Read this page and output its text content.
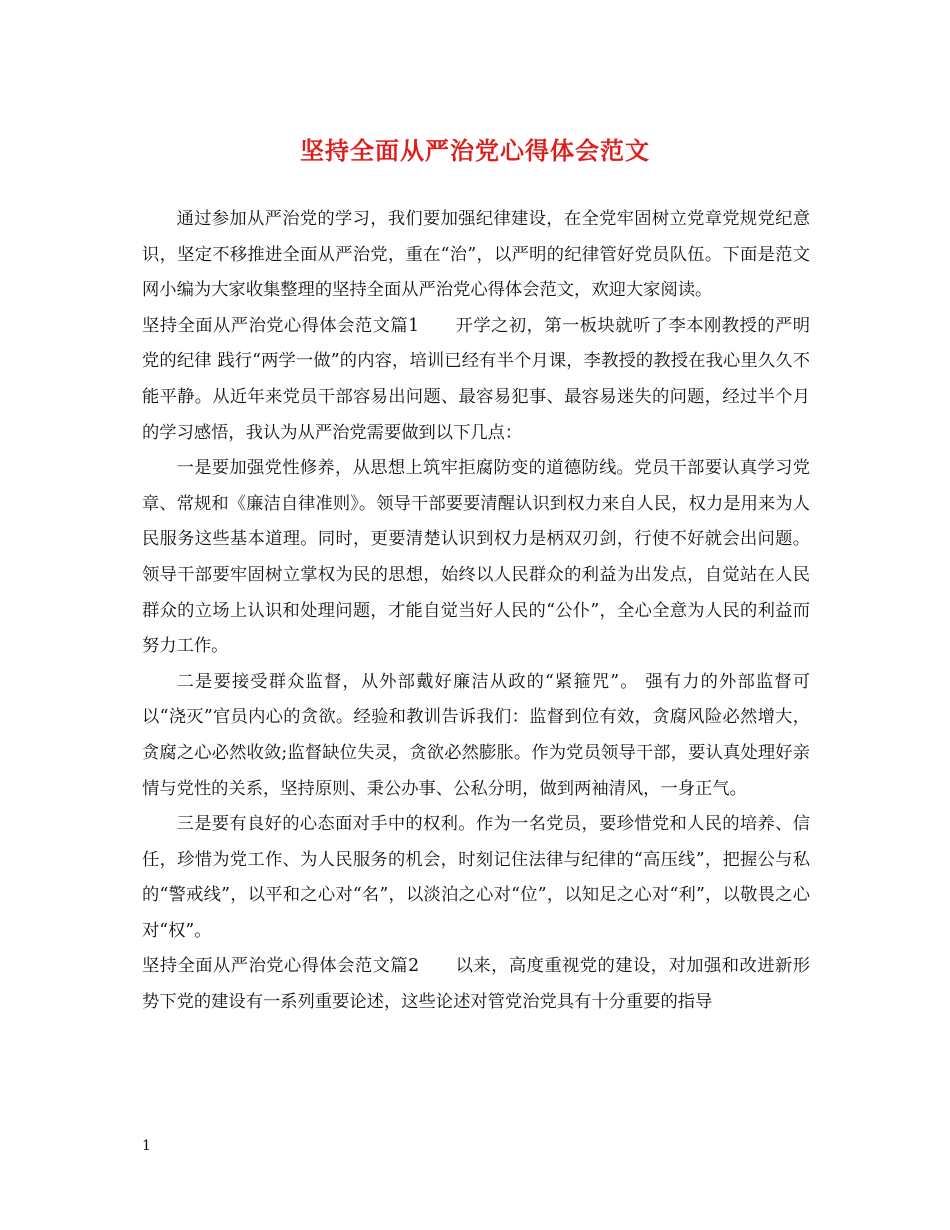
坚持全面从严治党心得体会范文

通过参加从严治党的学习，我们要加强纪律建设，在全党牢固树立党章党规党纪意识，坚定不移推进全面从严治党，重在“治”，以严明的纪律管好党员队伍。下面是范文网小编为大家收集整理的坚持全面从严治党心得体会范文，欢迎大家阅读。

坚持全面从严治党心得体会范文篇1 开学之初，第一板块就听了李本刚教授的严明党的纪律 践行“两学一做”的内容，培训已经有半个月课，李教授的教授在我心里久久不能平静。从近年来党员干部容易出问题、最容易犯事、最容易迷失的问题，经过半个月的学习感悟，我认为从严治党需要做到以下几点：

一是要加强党性修养，从思想上筑牢拒腐防变的道德防线。党员干部要认真学习党章、常规和《廉洁自律准则》。领导干部要要清醒认识到权力来自人民，权力是用来为人民服务这些基本道理。同时，更要清楚认识到权力是柄双刃剑，行使不好就会出问题。领导干部要牢固树立掌权为民的思想，始终以人民群众的利益为出发点，自觉站在人民群众的立场上认识和处理问题，才能自觉当好人民的“公仆”，全心全意为人民的利益而努力工作。

二是要接受群众监督，从外部戴好廉洁从政的“紧箍咒”。 强有力的外部监督可以“浇灭”官员内心的贪欲。经验和教训告诉我们：监督到位有效，贪腐风险必然增大，贪腐之心必然收敛;监督缺位失灵，贪欲必然膨胀。作为党员领导干部，要认真处理好亲情与党性的关系，坚持原则、秉公办事、公私分明，做到两袖清风，一身正气。

三是要有良好的心态面对手中的权利。作为一名党员，要珍惜党和人民的培养、信任，珍惜为党工作、为人民服务的机会，时刻记住法律与纪律的“高压线”，把握公与私的“警戒线”，以平和之心对“名”，以淡泊之心对“位”，以知足之心对“利”，以敬畏之心对“权”。

坚持全面从严治党心得体会范文篇2 以来，高度重视党的建设，对加强和改进新形势下党的建设有一系列重要论述，这些论述对管党治党具有十分重要的指导

1
